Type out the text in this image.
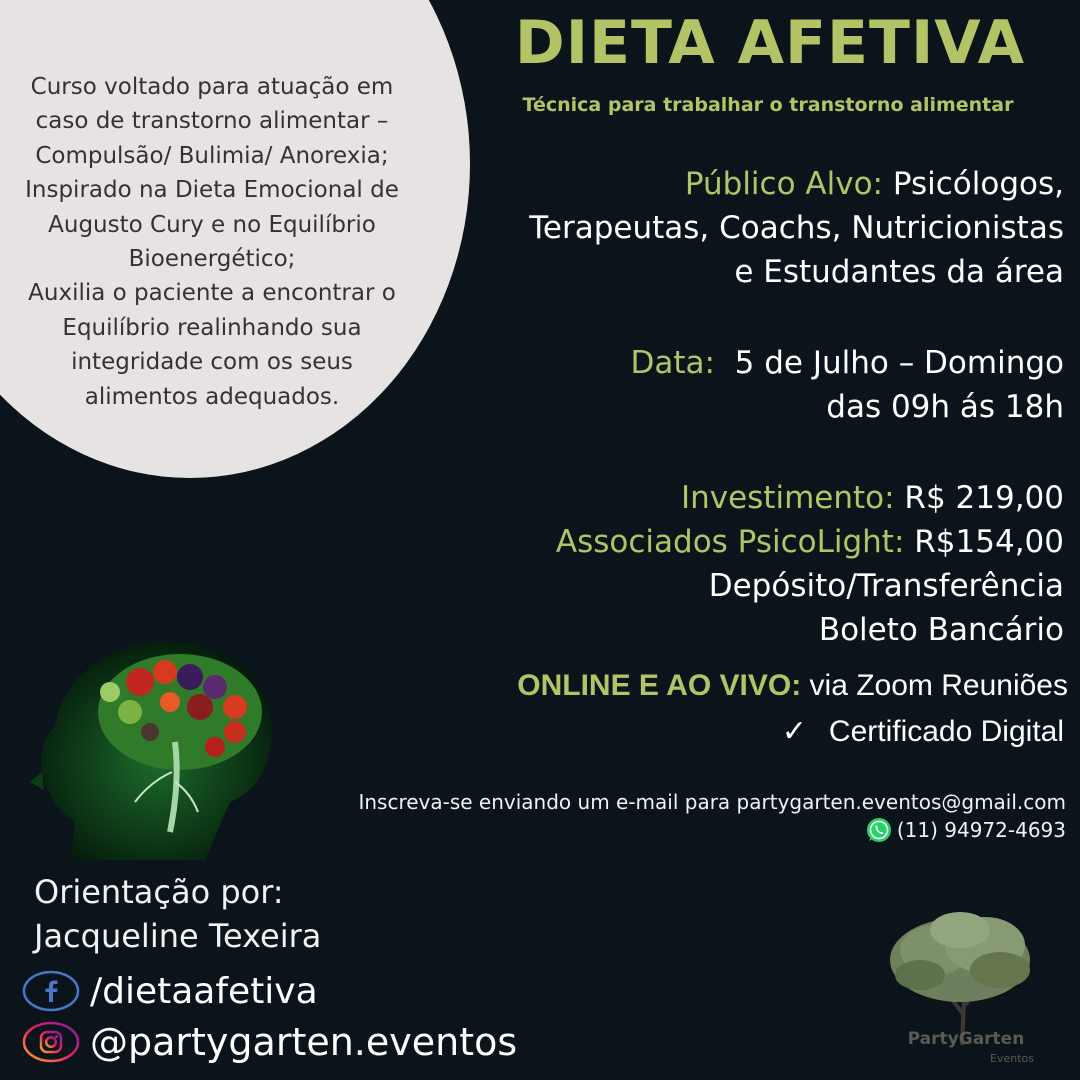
Curso voltado para atuação em
caso de transtorno alimentar –
Compulsão/ Bulimia/ Anorexia;
Inspirado na Dieta Emocional de
Augusto Cury e no Equilíbrio
Bioenergético;
Auxilia o paciente a encontrar o
Equilíbrio realinhando sua
integridade com os seus
alimentos adequados.
DIETA AFETIVA
Técnica para trabalhar o transtorno alimentar
Público Alvo: Psicólogos,
Terapeutas, Coachs, Nutricionistas
e Estudantes da área
Data: 5 de Julho – Domingo
das 09h ás 18h
Investimento: R$ 219,00
Associados PsicoLight: R$154,00
Depósito/Transferência
Boleto Bancário
ONLINE E AO VIVO: via Zoom Reuniões
✓ Certificado Digital
Inscreva-se enviando um e-mail para partygarten.eventos@gmail.com
(11) 94972-4693
Orientação por:
Jacqueline Texeira
/dietaafetiva
@partygarten.eventos	PartyGarten
Eventos
